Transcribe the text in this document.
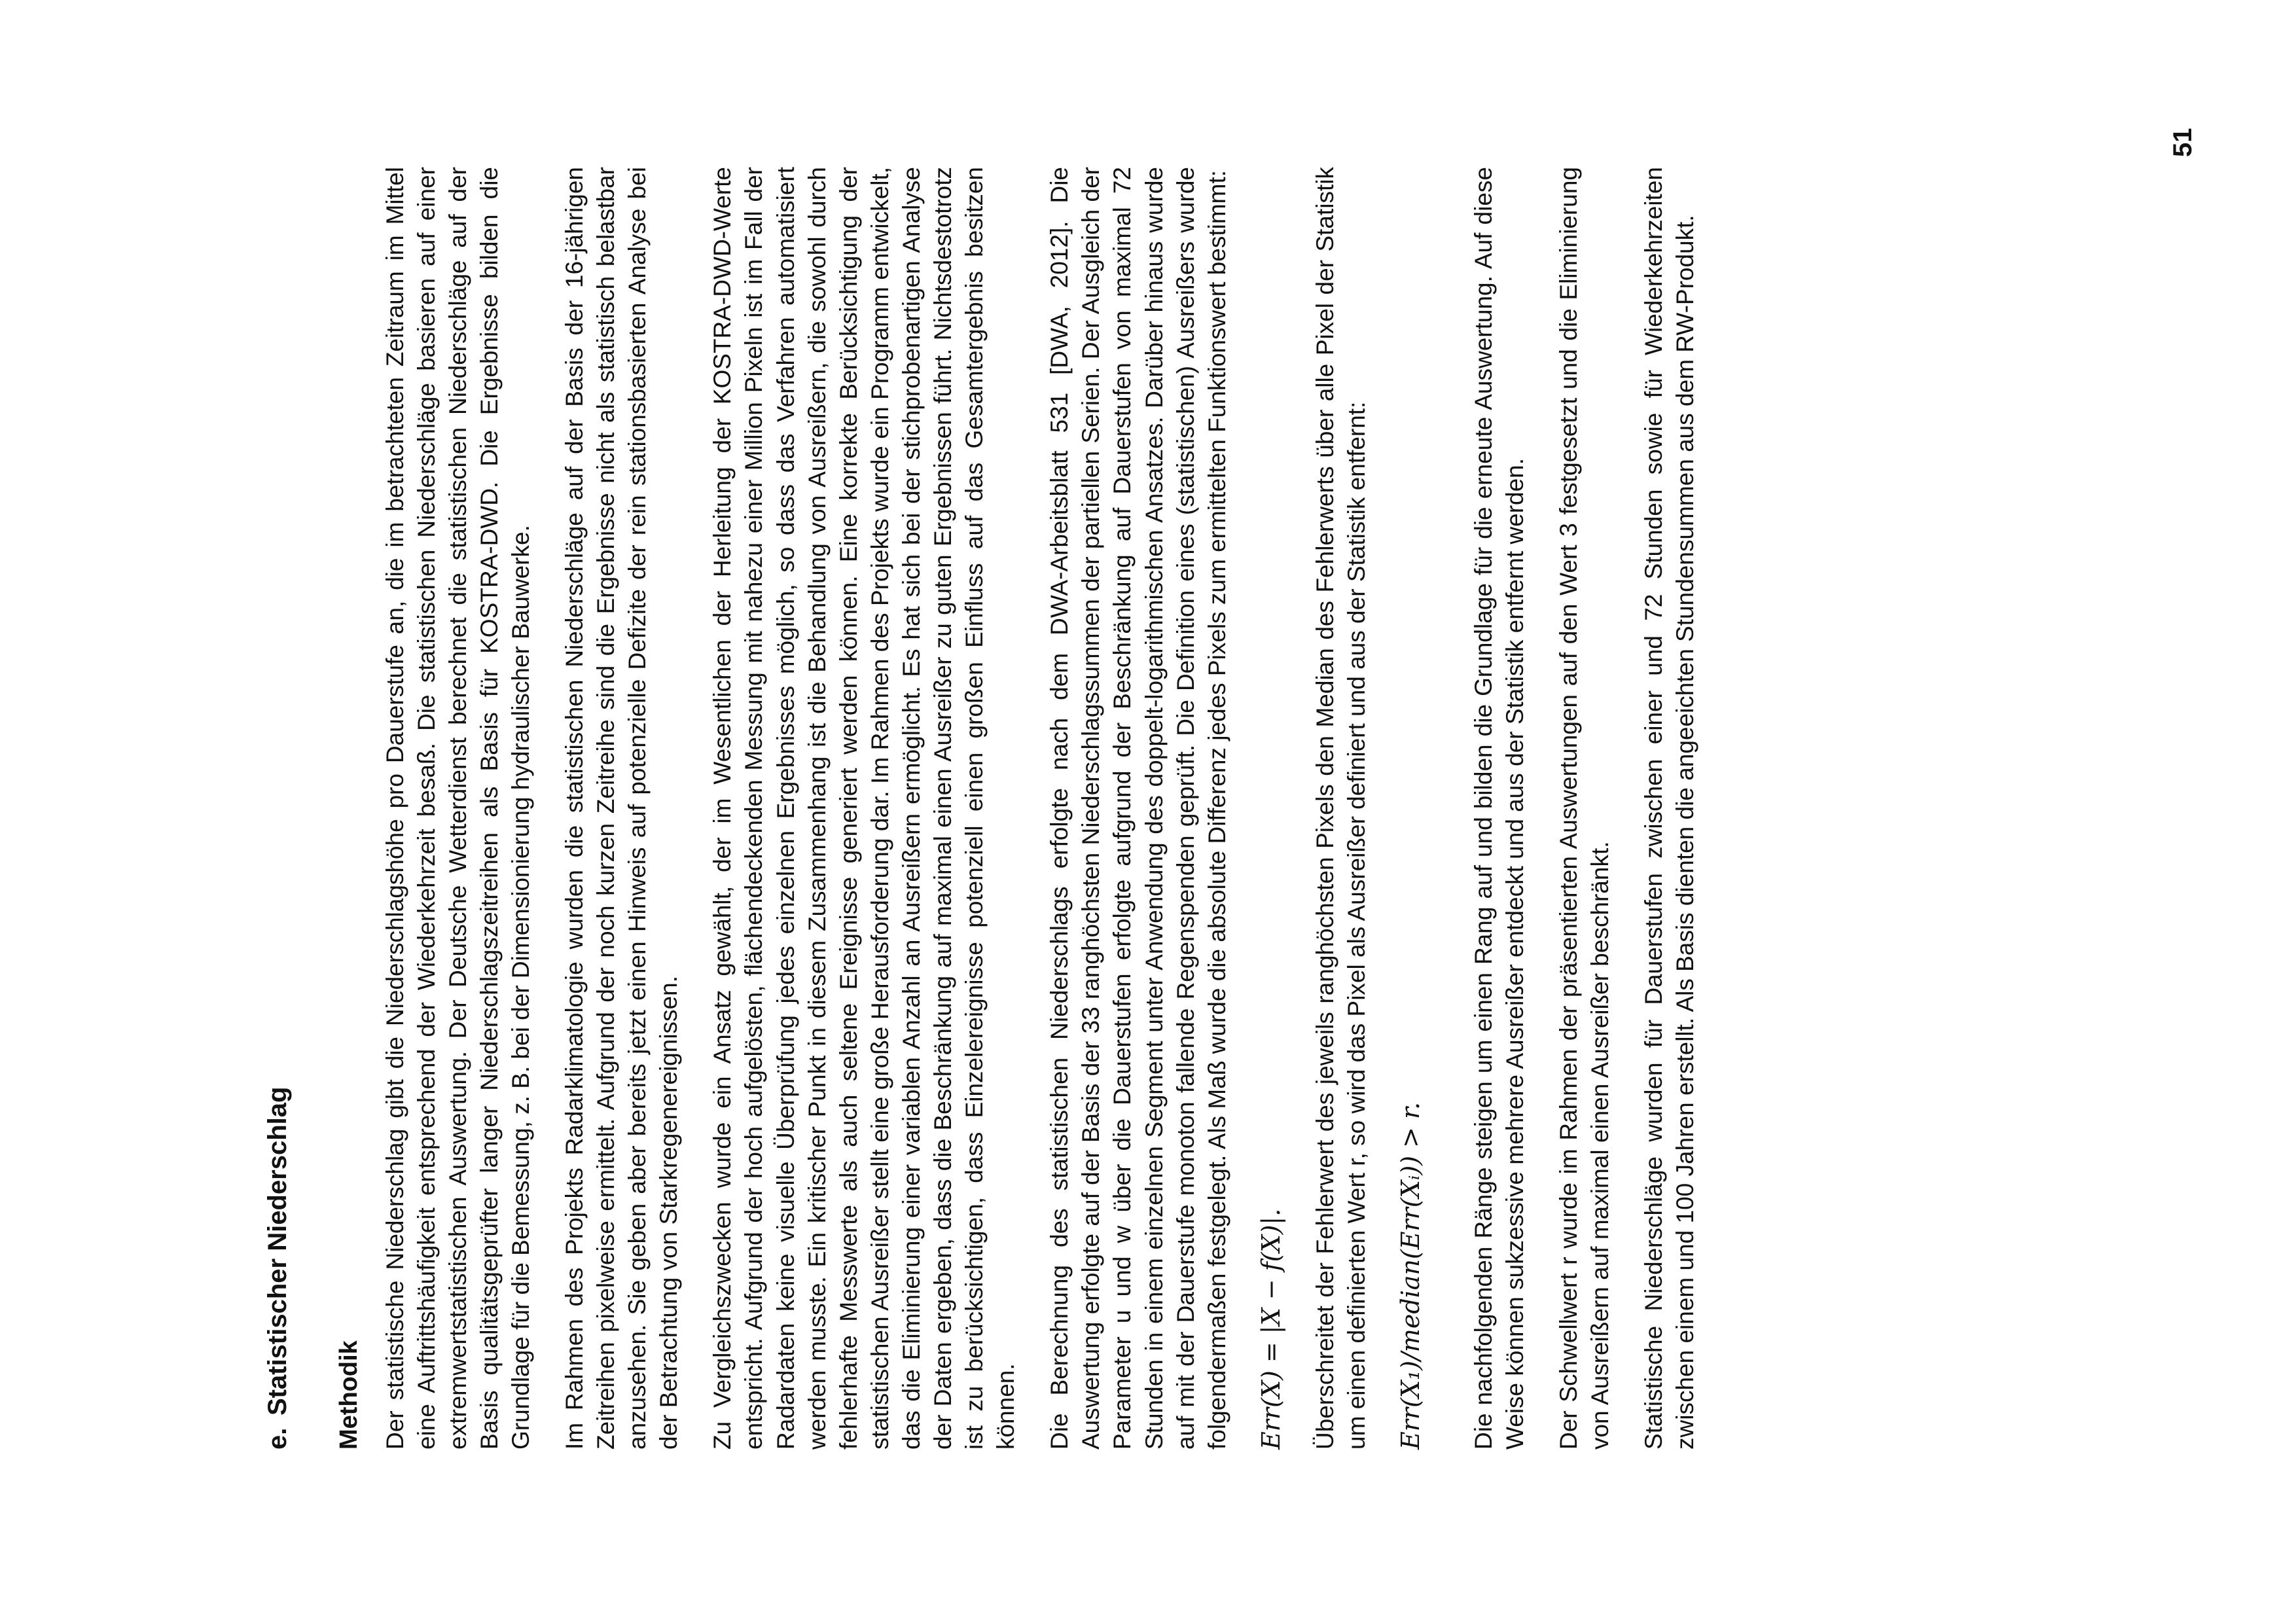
e.Statistischer Niederschlag Methodik Der statistische Niederschlag gibt die Niederschlagshöhe pro Dauerstufe an, die im betrachteten Zeitraum im Mittel eine Auftrittshäufigkeit entsprechend der Wiederkehrzeit besaß. Die statistischen Niederschläge basieren auf einer extremwertstatistischen Auswertung. Der Deutsche Wetterdienst berechnet die statistischen Niederschläge auf der Basis qualitätsgeprüfter langer Niederschlagszeitreihen als Basis für KOSTRA-DWD. Die Ergebnisse bilden die Grundlage für die Bemessung, z. B. bei der Dimensionierung hydraulischer Bauwerke. Im Rahmen des Projekts Radarklimatologie wurden die statistischen Niederschläge auf der Basis der 16-jährigen Zeitreihen pixelweise ermittelt. Aufgrund der noch kurzen Zeitreihe sind die Ergebnisse nicht als statistisch belastbar anzusehen. Sie geben aber bereits jetzt einen Hinweis auf potenzielle Defizite der rein stationsbasierten Analyse bei der Betrachtung von Starkregenereignissen. Zu Vergleichszwecken wurde ein Ansatz gewählt, der im Wesentlichen der Herleitung der KOSTRA-DWD-Werte entspricht. Aufgrund der hoch aufgelösten, flächendeckenden Messung mit nahezu einer Million Pixeln ist im Fall der Radardaten keine visuelle Überprüfung jedes einzelnen Ergebnisses möglich, so dass das Verfahren automatisiert werden musste. Ein kritischer Punkt in diesem Zusammenhang ist die Behandlung von Ausreißern, die sowohl durch fehlerhafte Messwerte als auch seltene Ereignisse generiert werden können. Eine korrekte Berücksichtigung der statistischen Ausreißer stellt eine große Herausforderung dar. Im Rahmen des Projekts wurde ein Programm entwickelt, das die Eliminierung einer variablen Anzahl an Ausreißern ermöglicht. Es hat sich bei der stichprobenartigen Analyse der Daten ergeben, dass die Beschränkung auf maximal einen Ausreißer zu guten Ergebnissen führt. Nichtsdestotrotz ist zu berücksichtigen, dass Einzelereignisse potenziell einen großen Einfluss auf das Gesamtergebnis besitzen können. Die Berechnung des statistischen Niederschlags erfolgte nach dem DWA-Arbeitsblatt 531 [DWA, 2012]. Die Auswertung erfolgte auf der Basis der 33 ranghöchsten Niederschlagssummen der partiellen Serien. Der Ausgleich der Parameter u und w über die Dauerstufen erfolgte aufgrund der Beschränkung auf Dauerstufen von maximal 72 Stunden in einem einzelnen Segment unter Anwendung des doppelt-logarithmischen Ansatzes. Darüber hinaus wurde auf mit der Dauerstufe monoton fallende Regenspenden geprüft. Die Definition eines (statistischen) Ausreißers wurde folgendermaßen festgelegt. Als Maß wurde die absolute Differenz jedes Pixels zum ermittelten Funktionswert bestimmt: Err(X) = |X − f(X)|. Überschreitet der Fehlerwert des jeweils ranghöchsten Pixels den Median des Fehlerwerts über alle Pixel der Statistik um einen definierten Wert r, so wird das Pixel als Ausreißer definiert und aus der Statistik entfernt: Err(X₁)/median(Err(Xᵢ)) > r. Die nachfolgenden Ränge steigen um einen Rang auf und bilden die Grundlage für die erneute Auswertung. Auf diese Weise können sukzessive mehrere Ausreißer entdeckt und aus der Statistik entfernt werden. Der Schwellwert r wurde im Rahmen der präsentierten Auswertungen auf den Wert 3 festgesetzt und die Eliminierung von Ausreißern auf maximal einen Ausreißer beschränkt. Statistische Niederschläge wurden für Dauerstufen zwischen einer und 72 Stunden sowie für Wiederkehrzeiten zwischen einem und 100 Jahren erstellt. Als Basis dienten die angeeichten Stundensummen aus dem RW-Produkt.

51
